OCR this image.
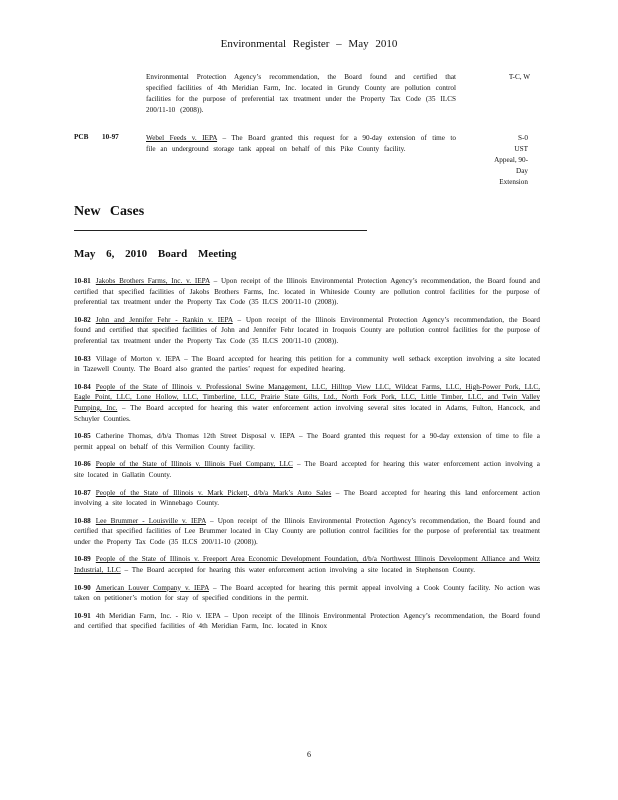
Environmental Register – May 2010
Environmental Protection Agency’s recommendation, the Board found and certified that specified facilities of 4th Meridian Farm, Inc. located in Grundy County are pollution control facilities for the purpose of preferential tax treatment under the Property Tax Code (35 ILCS 200/11-10 (2008)).
T-C, W
PCB 10-97	Webel Feeds v. IEPA – The Board granted this request for a 90-day extension of time to file an underground storage tank appeal on behalf of this Pike County facility.
S-0
UST
Appeal, 90-
Day
Extension
New Cases
May 6, 2010 Board Meeting
10-81 Jakobs Brothers Farms, Inc. v. IEPA – Upon receipt of the Illinois Environmental Protection Agency’s recommendation, the Board found and certified that specified facilities of Jakobs Brothers Farms, Inc. located in Whiteside County are pollution control facilities for the purpose of preferential tax treatment under the Property Tax Code (35 ILCS 200/11-10 (2008)).
10-82 John and Jennifer Fehr - Rankin v. IEPA – Upon receipt of the Illinois Environmental Protection Agency’s recommendation, the Board found and certified that specified facilities of John and Jennifer Fehr located in Iroquois County are pollution control facilities for the purpose of preferential tax treatment under the Property Tax Code (35 ILCS 200/11-10 (2008)).
10-83 Village of Morton v. IEPA – The Board accepted for hearing this petition for a community well setback exception involving a site located in Tazewell County. The Board also granted the parties’ request for expedited hearing.
10-84 People of the State of Illinois v. Professional Swine Management, LLC, Hilltop View LLC, Wildcat Farms, LLC, High-Power Pork, LLC, Eagle Point, LLC, Lone Hollow, LLC, Timberline, LLC, Prairie State Gilts, Ltd., North Fork Pork, LLC, Little Timber, LLC, and Twin Valley Pumping, Inc. – The Board accepted for hearing this water enforcement action involving several sites located in Adams, Fulton, Hancock, and Schuyler Counties.
10-85 Catherine Thomas, d/b/a Thomas 12th Street Disposal v. IEPA – The Board granted this request for a 90-day extension of time to file a permit appeal on behalf of this Vermilion County facility.
10-86 People of the State of Illinois v. Illinois Fuel Company, LLC – The Board accepted for hearing this water enforcement action involving a site located in Gallatin County.
10-87 People of the State of Illinois v. Mark Pickett, d/b/a Mark’s Auto Sales – The Board accepted for hearing this land enforcement action involving a site located in Winnebago County.
10-88 Lee Brummer - Louisville v. IEPA – Upon receipt of the Illinois Environmental Protection Agency’s recommendation, the Board found and certified that specified facilities of Lee Brummer located in Clay County are pollution control facilities for the purpose of preferential tax treatment under the Property Tax Code (35 ILCS 200/11-10 (2008)).
10-89 People of the State of Illinois v. Freeport Area Economic Development Foundation, d/b/a Northwest Illinois Development Alliance and Weitz Industrial, LLC – The Board accepted for hearing this water enforcement action involving a site located in Stephenson County.
10-90 American Louver Company v. IEPA – The Board accepted for hearing this permit appeal involving a Cook County facility. No action was taken on petitioner’s motion for stay of specified conditions in the permit.
10-91 4th Meridian Farm, Inc. - Rio v. IEPA – Upon receipt of the Illinois Environmental Protection Agency’s recommendation, the Board found and certified that specified facilities of 4th Meridian Farm, Inc. located in Knox
6
